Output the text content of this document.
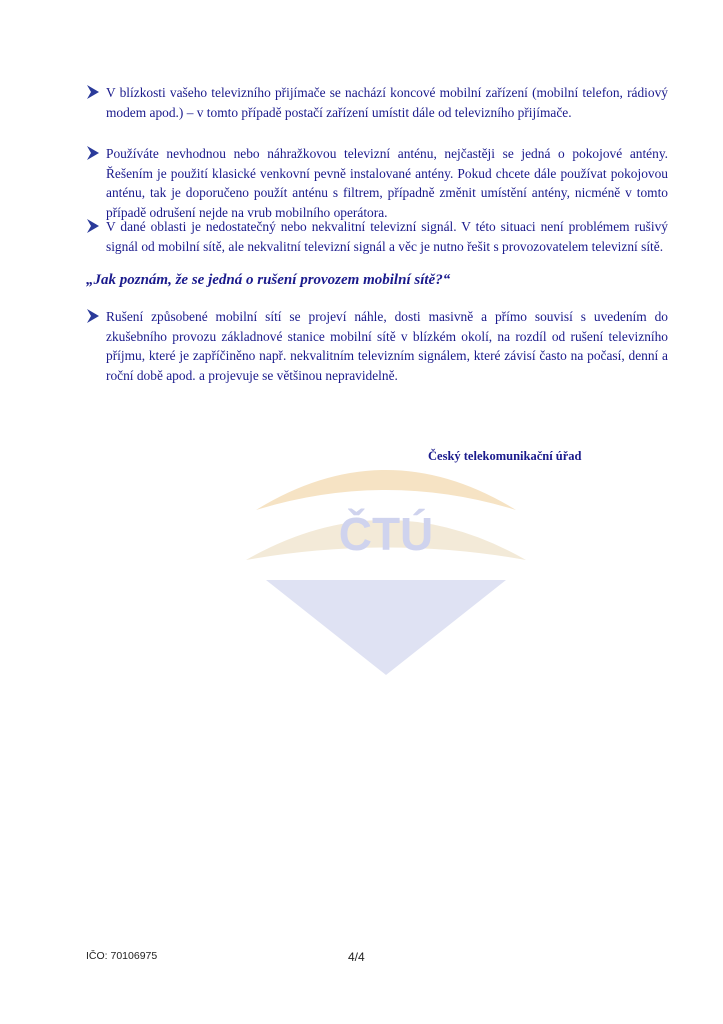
ČTÚ
V blízkosti vašeho televizního přijímače se nachází koncové mobilní zařízení (mobilní telefon, rádiový modem apod.) – v tomto případě postačí zařízení umístit dále od televizního přijímače.
Používáte nevhodnou nebo náhražkovou televizní anténu, nejčastěji se jedná o pokojové antény. Řešením je použití klasické venkovní pevně instalované antény. Pokud chcete dále používat pokojovou anténu, tak je doporučeno použít anténu s filtrem, případně změnit umístění antény, nicméně v tomto případě odrušení nejde na vrub mobilního operátora.
V dané oblasti je nedostatečný nebo nekvalitní televizní signál. V této situaci není problémem rušivý signál od mobilní sítě, ale nekvalitní televizní signál a věc je nutno řešit s provozovatelem televizní sítě.
„Jak poznám, že se jedná o rušení provozem mobilní sítě?“
Rušení způsobené mobilní sítí se projeví náhle, dosti masivně a přímo souvisí s uvedením do zkušebního provozu základnové stanice mobilní sítě v blízkém okolí, na rozdíl od rušení televizního příjmu, které je zapříčiněno např. nekvalitním televizním signálem, které závisí často na počasí, denní a roční době apod. a projevuje se většinou nepravidelně.
Český telekomunikační úřad
IČO: 70106975	4/4
